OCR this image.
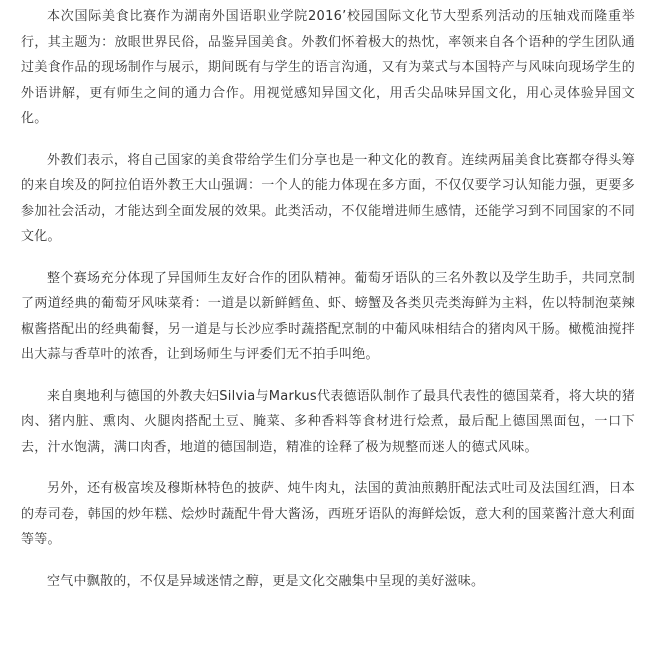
本次国际美食比赛作为湖南外国语职业学院2016’校园国际文化节大型系列活动的压轴戏而隆重举行，其主题为：放眼世界民俗，品鉴异国美食。外教们怀着极大的热忱，率领来自各个语种的学生团队通过美食作品的现场制作与展示，期间既有与学生的语言沟通，又有为菜式与本国特产与风味向现场学生的外语讲解，更有师生之间的通力合作。用视觉感知异国文化，用舌尖品味异国文化，用心灵体验异国文化。

外教们表示，将自己国家的美食带给学生们分享也是一种文化的教育。连续两届美食比赛都夺得头筹的来自埃及的阿拉伯语外教王大山强调：一个人的能力体现在多方面，不仅仅要学习认知能力强，更要多参加社会活动，才能达到全面发展的效果。此类活动，不仅能增进师生感情，还能学习到不同国家的不同文化。

整个赛场充分体现了异国师生友好合作的团队精神。葡萄牙语队的三名外教以及学生助手，共同烹制了两道经典的葡萄牙风味菜肴：一道是以新鲜鳕鱼、虾、螃蟹及各类贝壳类海鲜为主料，佐以特制泡菜辣椒酱搭配出的经典葡餐，另一道是与长沙应季时蔬搭配烹制的中葡风味相结合的猪肉风干肠。橄榄油搅拌出大蒜与香草叶的浓香，让到场师生与评委们无不拍手叫绝。

来自奥地利与德国的外教夫妇Silvia与Markus代表德语队制作了最具代表性的德国菜肴，将大块的猪肉、猪内脏、熏肉、火腿肉搭配土豆、腌菜、多种香料等食材进行烩煮，最后配上德国黑面包，一口下去，汁水饱满，满口肉香，地道的德国制造，精准的诠释了极为规整而迷人的德式风味。

另外，还有极富埃及穆斯林特色的披萨、炖牛肉丸，法国的黄油煎鹅肝配法式吐司及法国红酒，日本的寿司卷，韩国的炒年糕、烩炒时蔬配牛骨大酱汤，西班牙语队的海鲜烩饭，意大利的国菜酱汁意大利面等等。

空气中飘散的，不仅是异域迷情之醇，更是文化交融集中呈现的美好滋味。
